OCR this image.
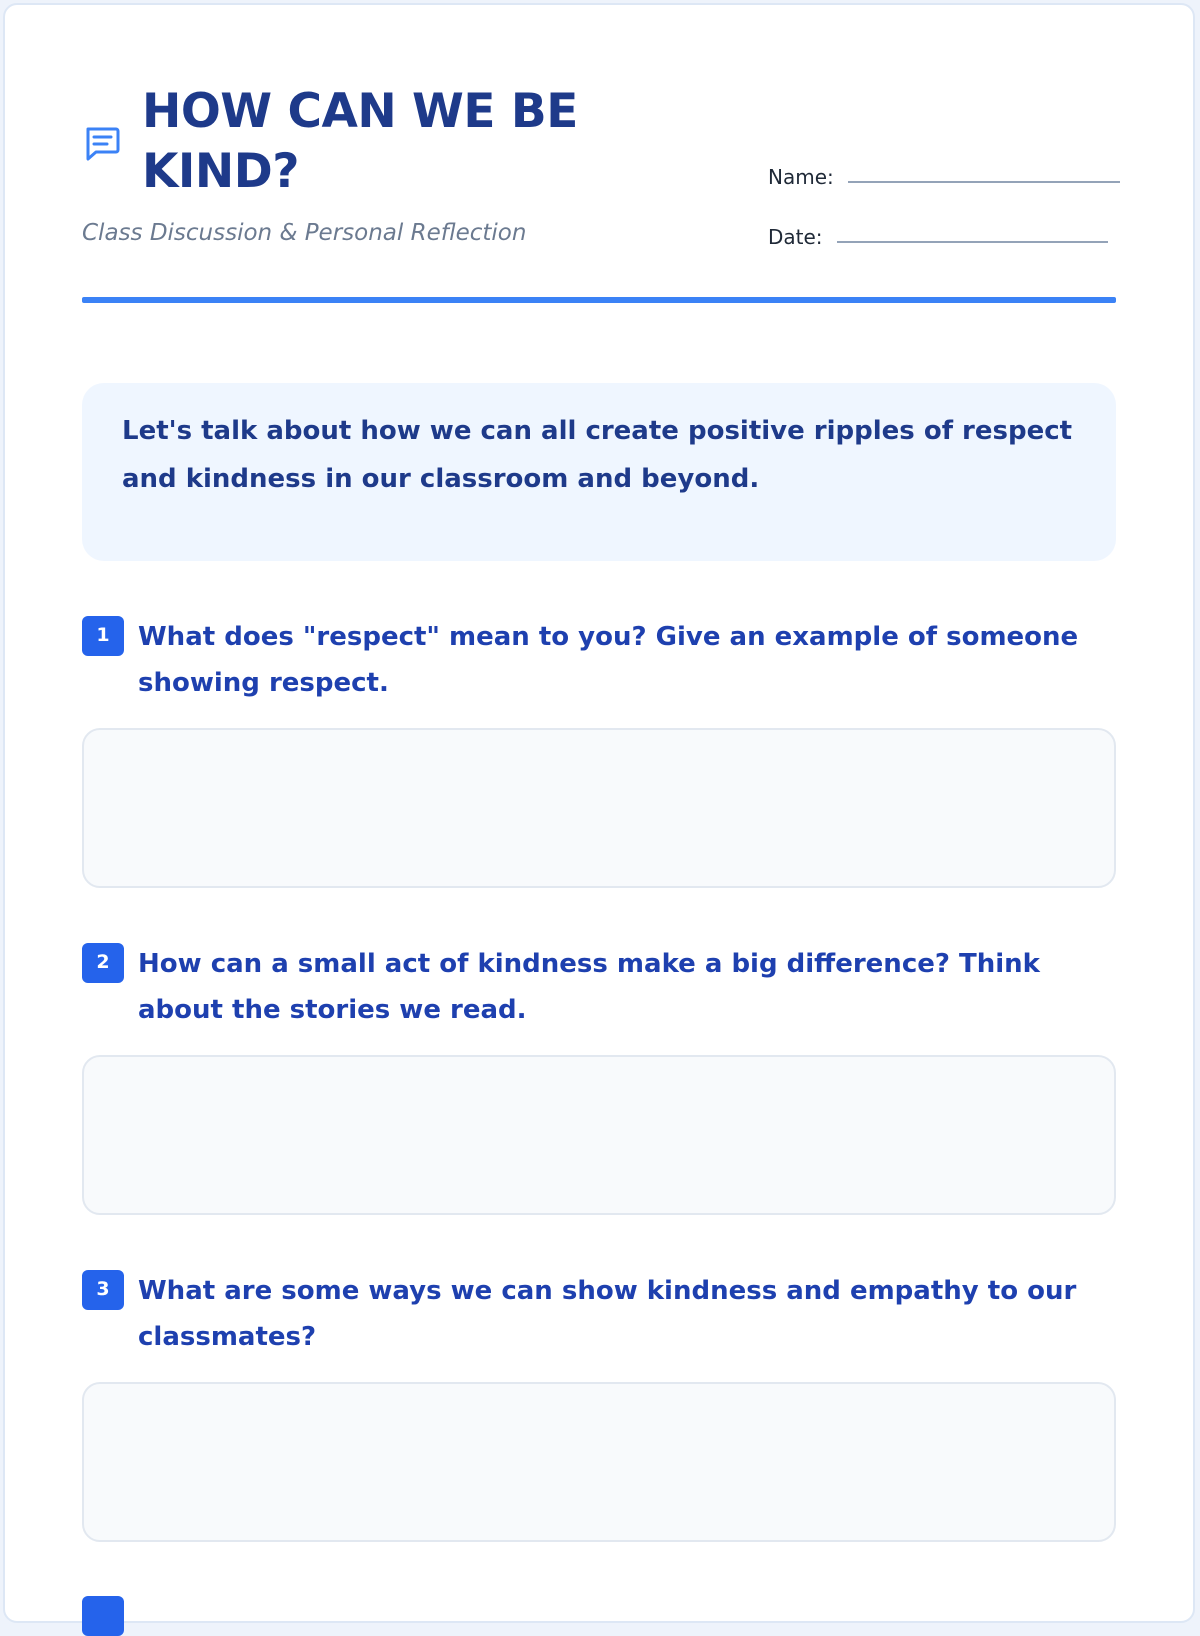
HOW CAN WE BE KIND?
Class Discussion & Personal Reflection
Name:
Date:
Let's talk about how we can all create positive ripples of respect and kindness in our classroom and beyond.
1	What does "respect" mean to you? Give an example of someone showing respect.
2	How can a small act of kindness make a big difference? Think about the stories we read.
3	What are some ways we can show kindness and empathy to our classmates?
